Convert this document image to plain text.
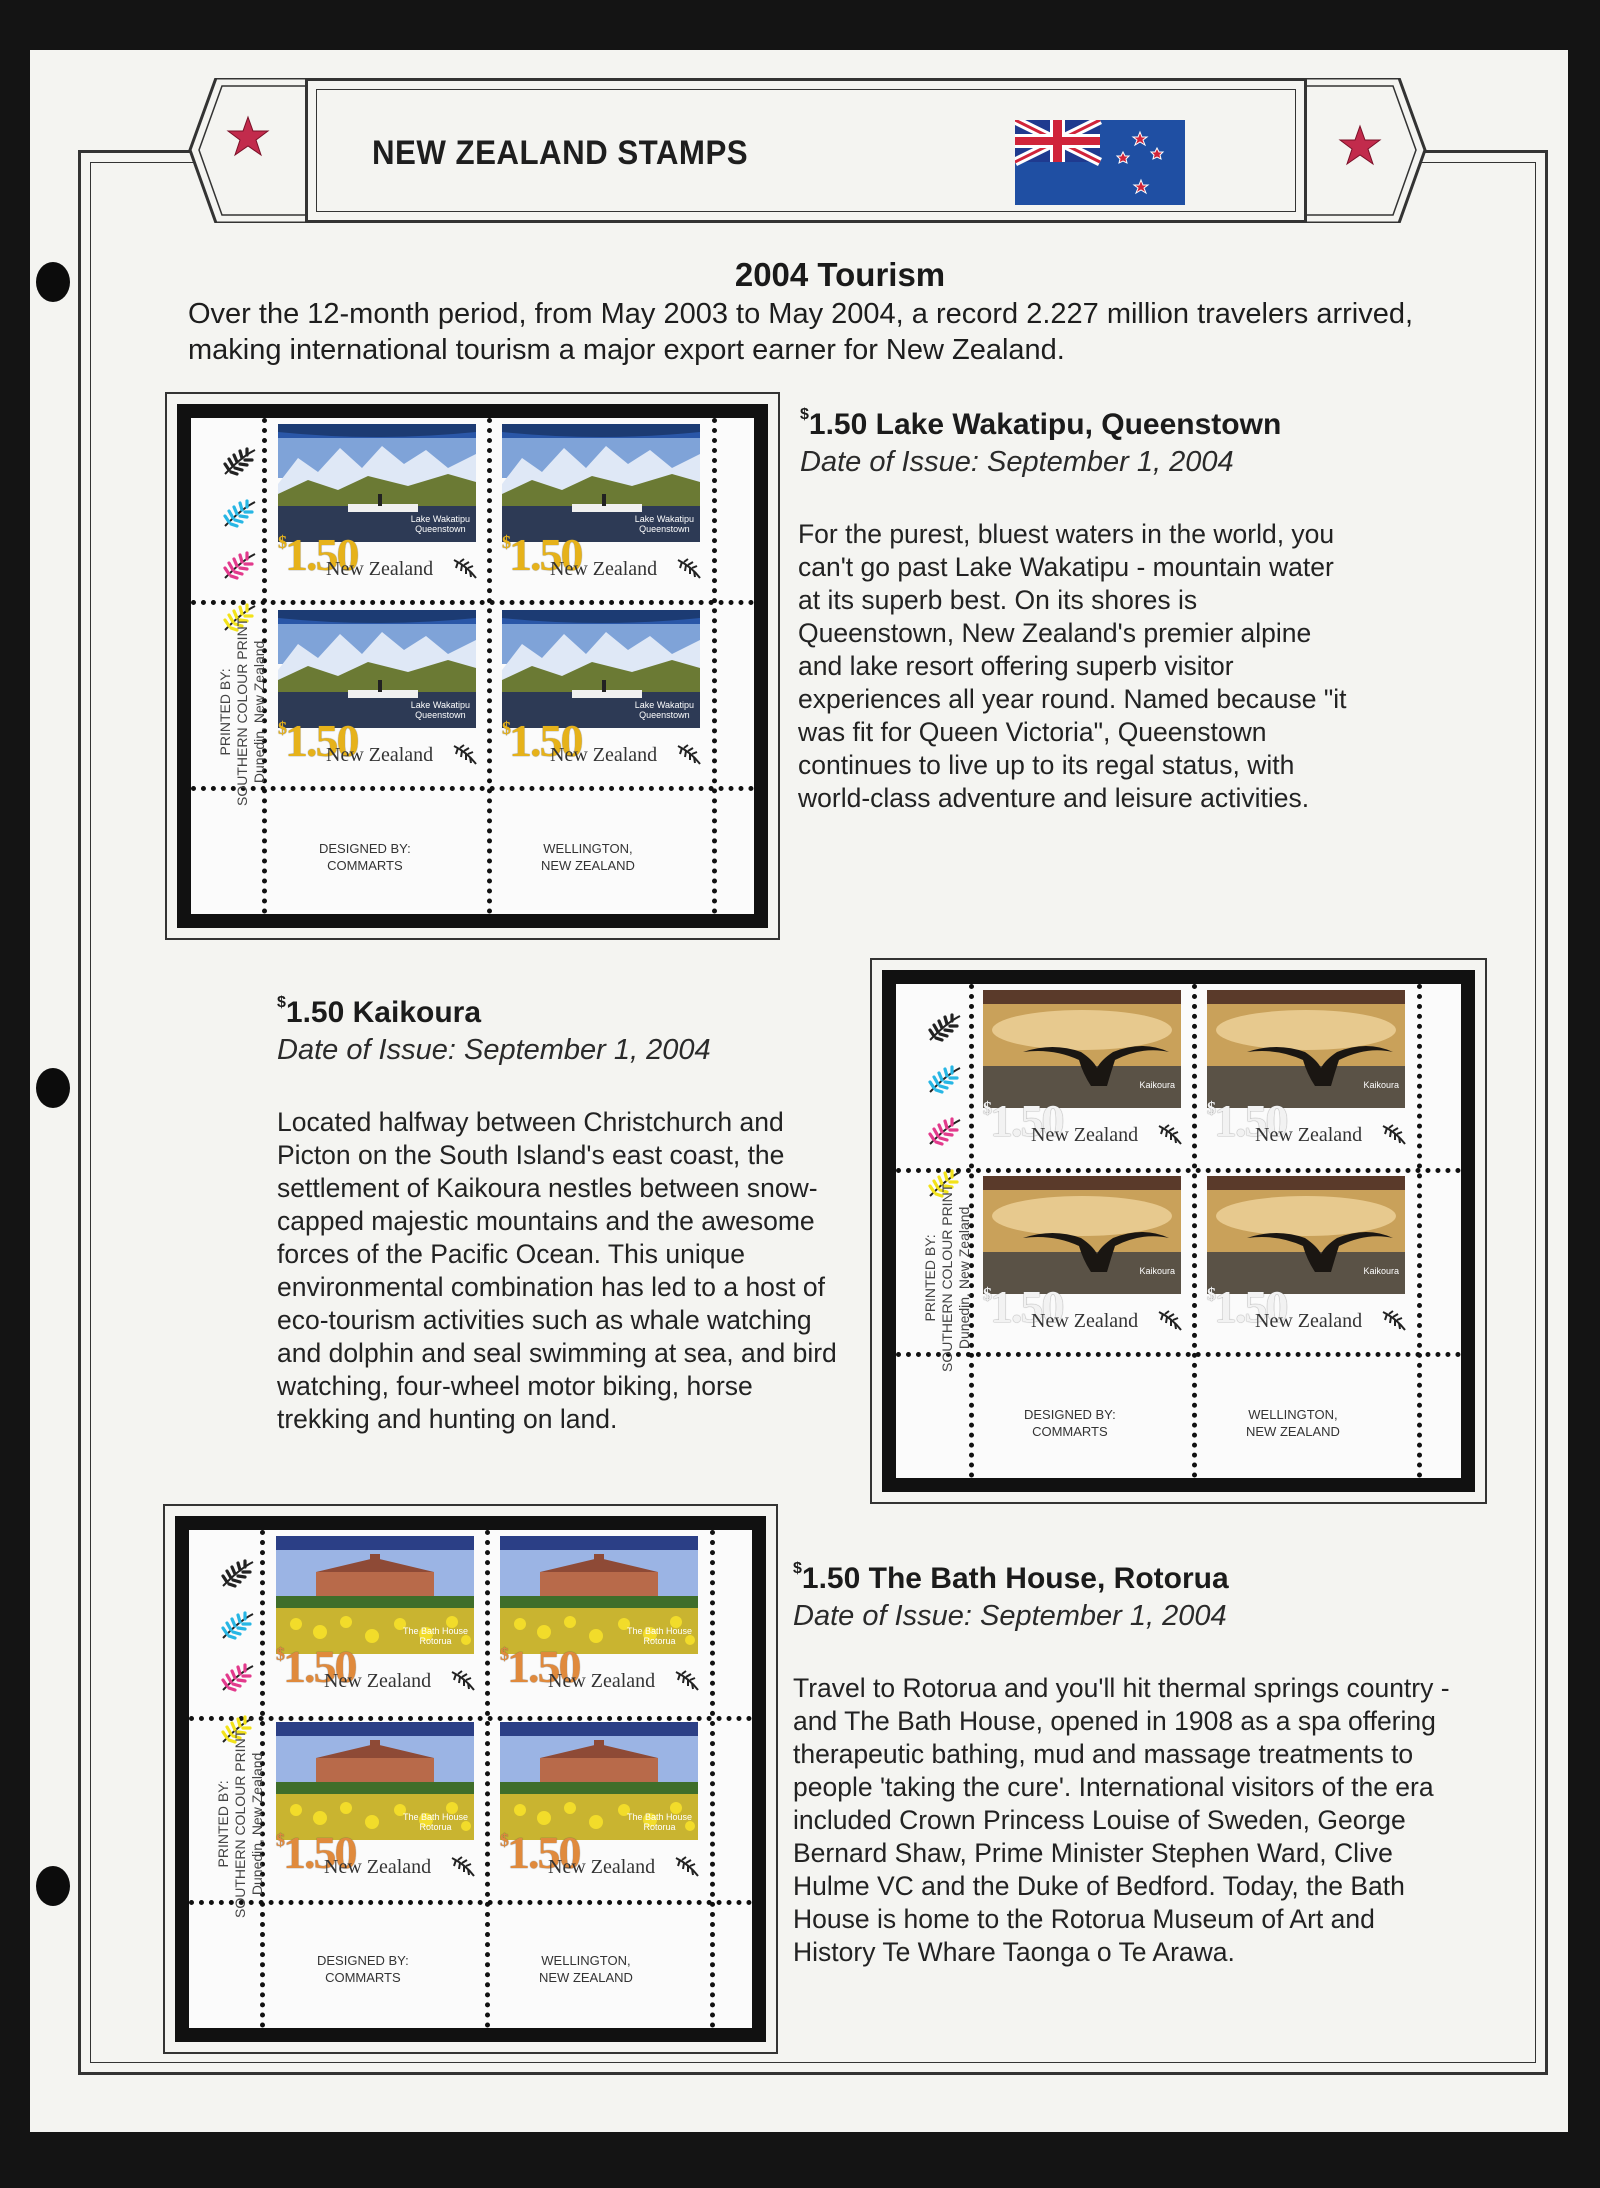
NEW ZEALAND STAMPS
2004 Tourism
Over the 12-month period, from May 2003 to May 2004, a record 2.227 million travelers arrived, making international tourism a major export earner for New Zealand.
PRINTED BY:
SOUTHERN COLOUR PRINT
Dunedin, New Zealand
DESIGNED BY:
COMMARTS
WELLINGTON,
NEW ZEALAND
Lake Wakatipu
Queenstown
$1.50
New Zealand
Lake Wakatipu
Queenstown
$1.50
New Zealand
Lake Wakatipu
Queenstown
$1.50
New Zealand
Lake Wakatipu
Queenstown
$1.50
New Zealand
PRINTED BY:
SOUTHERN COLOUR PRINT
Dunedin, New Zealand
DESIGNED BY:
COMMARTS
WELLINGTON,
NEW ZEALAND
Kaikoura
$1.50
New Zealand
Kaikoura
$1.50
New Zealand
Kaikoura
$1.50
New Zealand
Kaikoura
$1.50
New Zealand
PRINTED BY:
SOUTHERN COLOUR PRINT
Dunedin, New Zealand
DESIGNED BY:
COMMARTS
WELLINGTON,
NEW ZEALAND
The Bath House
Rotorua
$1.50
New Zealand
The Bath House
Rotorua
$1.50
New Zealand
The Bath House
Rotorua
$1.50
New Zealand
The Bath House
Rotorua
$1.50
New Zealand
$1.50 Lake Wakatipu, Queenstown
Date of Issue: September 1, 2004
For the purest, bluest waters in the world, you can't go past Lake Wakatipu - mountain water at its superb best. On its shores is Queenstown, New Zealand's premier alpine and lake resort offering superb visitor experiences all year round. Named because "it was fit for Queen Victoria", Queenstown continues to live up to its regal status, with world-class adventure and leisure activities.
$1.50 Kaikoura
Date of Issue: September 1, 2004
Located halfway between Christchurch and Picton on the South Island's east coast, the settlement of Kaikoura nestles between snow-capped majestic mountains and the awesome forces of the Pacific Ocean. This unique environmental combination has led to a host of eco-tourism activities such as whale watching and dolphin and seal swimming at sea, and bird watching, four-wheel motor biking, horse trekking and hunting on land.
$1.50 The Bath House, Rotorua
Date of Issue: September 1, 2004
Travel to Rotorua and you'll hit thermal springs country - and The Bath House, opened in 1908 as a spa offering therapeutic bathing, mud and massage treatments to people 'taking the cure'. International visitors of the era included Crown Princess Louise of Sweden, George Bernard Shaw, Prime Minister Stephen Ward, Clive Hulme VC and the Duke of Bedford. Today, the Bath House is home to the Rotorua Museum of Art and History Te Whare Taonga o Te Arawa.
